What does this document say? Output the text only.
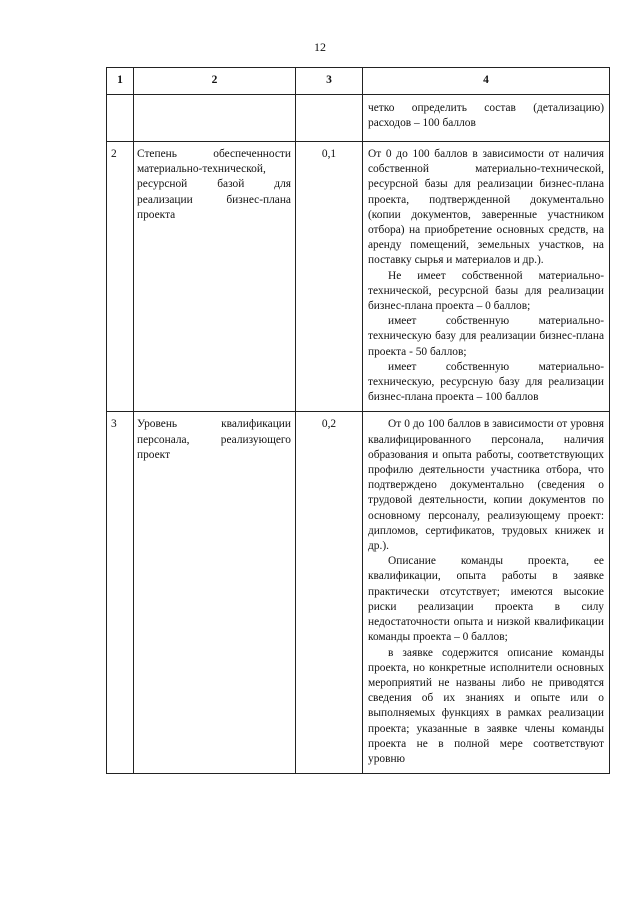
12
1	2	3	4

			четко определить состав (детализацию) расходов – 100 баллов

2	Степень обеспеченности материально-технической, ресурсной базой для реализации бизнес-плана проекта	0,1	От 0 до 100 баллов в зависимости от наличия собственной материально-технической, ресурсной базы для реализации бизнес-плана проекта, подтвержденной документально (копии документов, заверенные участником отбора) на приобретение основных средств, на аренду помещений, земельных участков, на поставку сырья и материалов и др.).

Не имеет собственной материально-технической, ресурсной базы для реализации бизнес-плана проекта – 0 баллов;

имеет собственную материально-техническую базу для реализации бизнес-плана проекта - 50 баллов;

имеет собственную материально-техническую, ресурсную базу для реализации бизнес-плана проекта – 100 баллов

3	Уровень квалификации персонала, реализующего проект	0,2	От 0 до 100 баллов в зависимости от уровня квалифицированного персонала, наличия образования и опыта работы, соответствующих профилю деятельности участника отбора, что подтверждено документально (сведения о трудовой деятельности, копии документов по основному персоналу, реализующему проект: дипломов, сертификатов, трудовых книжек и др.).

Описание команды проекта, ее квалификации, опыта работы в заявке практически отсутствует; имеются высокие риски реализации проекта в силу недостаточности опыта и низкой квалификации команды проекта – 0 баллов;

в заявке содержится описание команды проекта, но конкретные исполнители основных мероприятий не названы либо не приводятся сведения об их знаниях и опыте или о выполняемых функциях в рамках реализации проекта; указанные в заявке члены команды проекта не в полной мере соответствуют уровню
